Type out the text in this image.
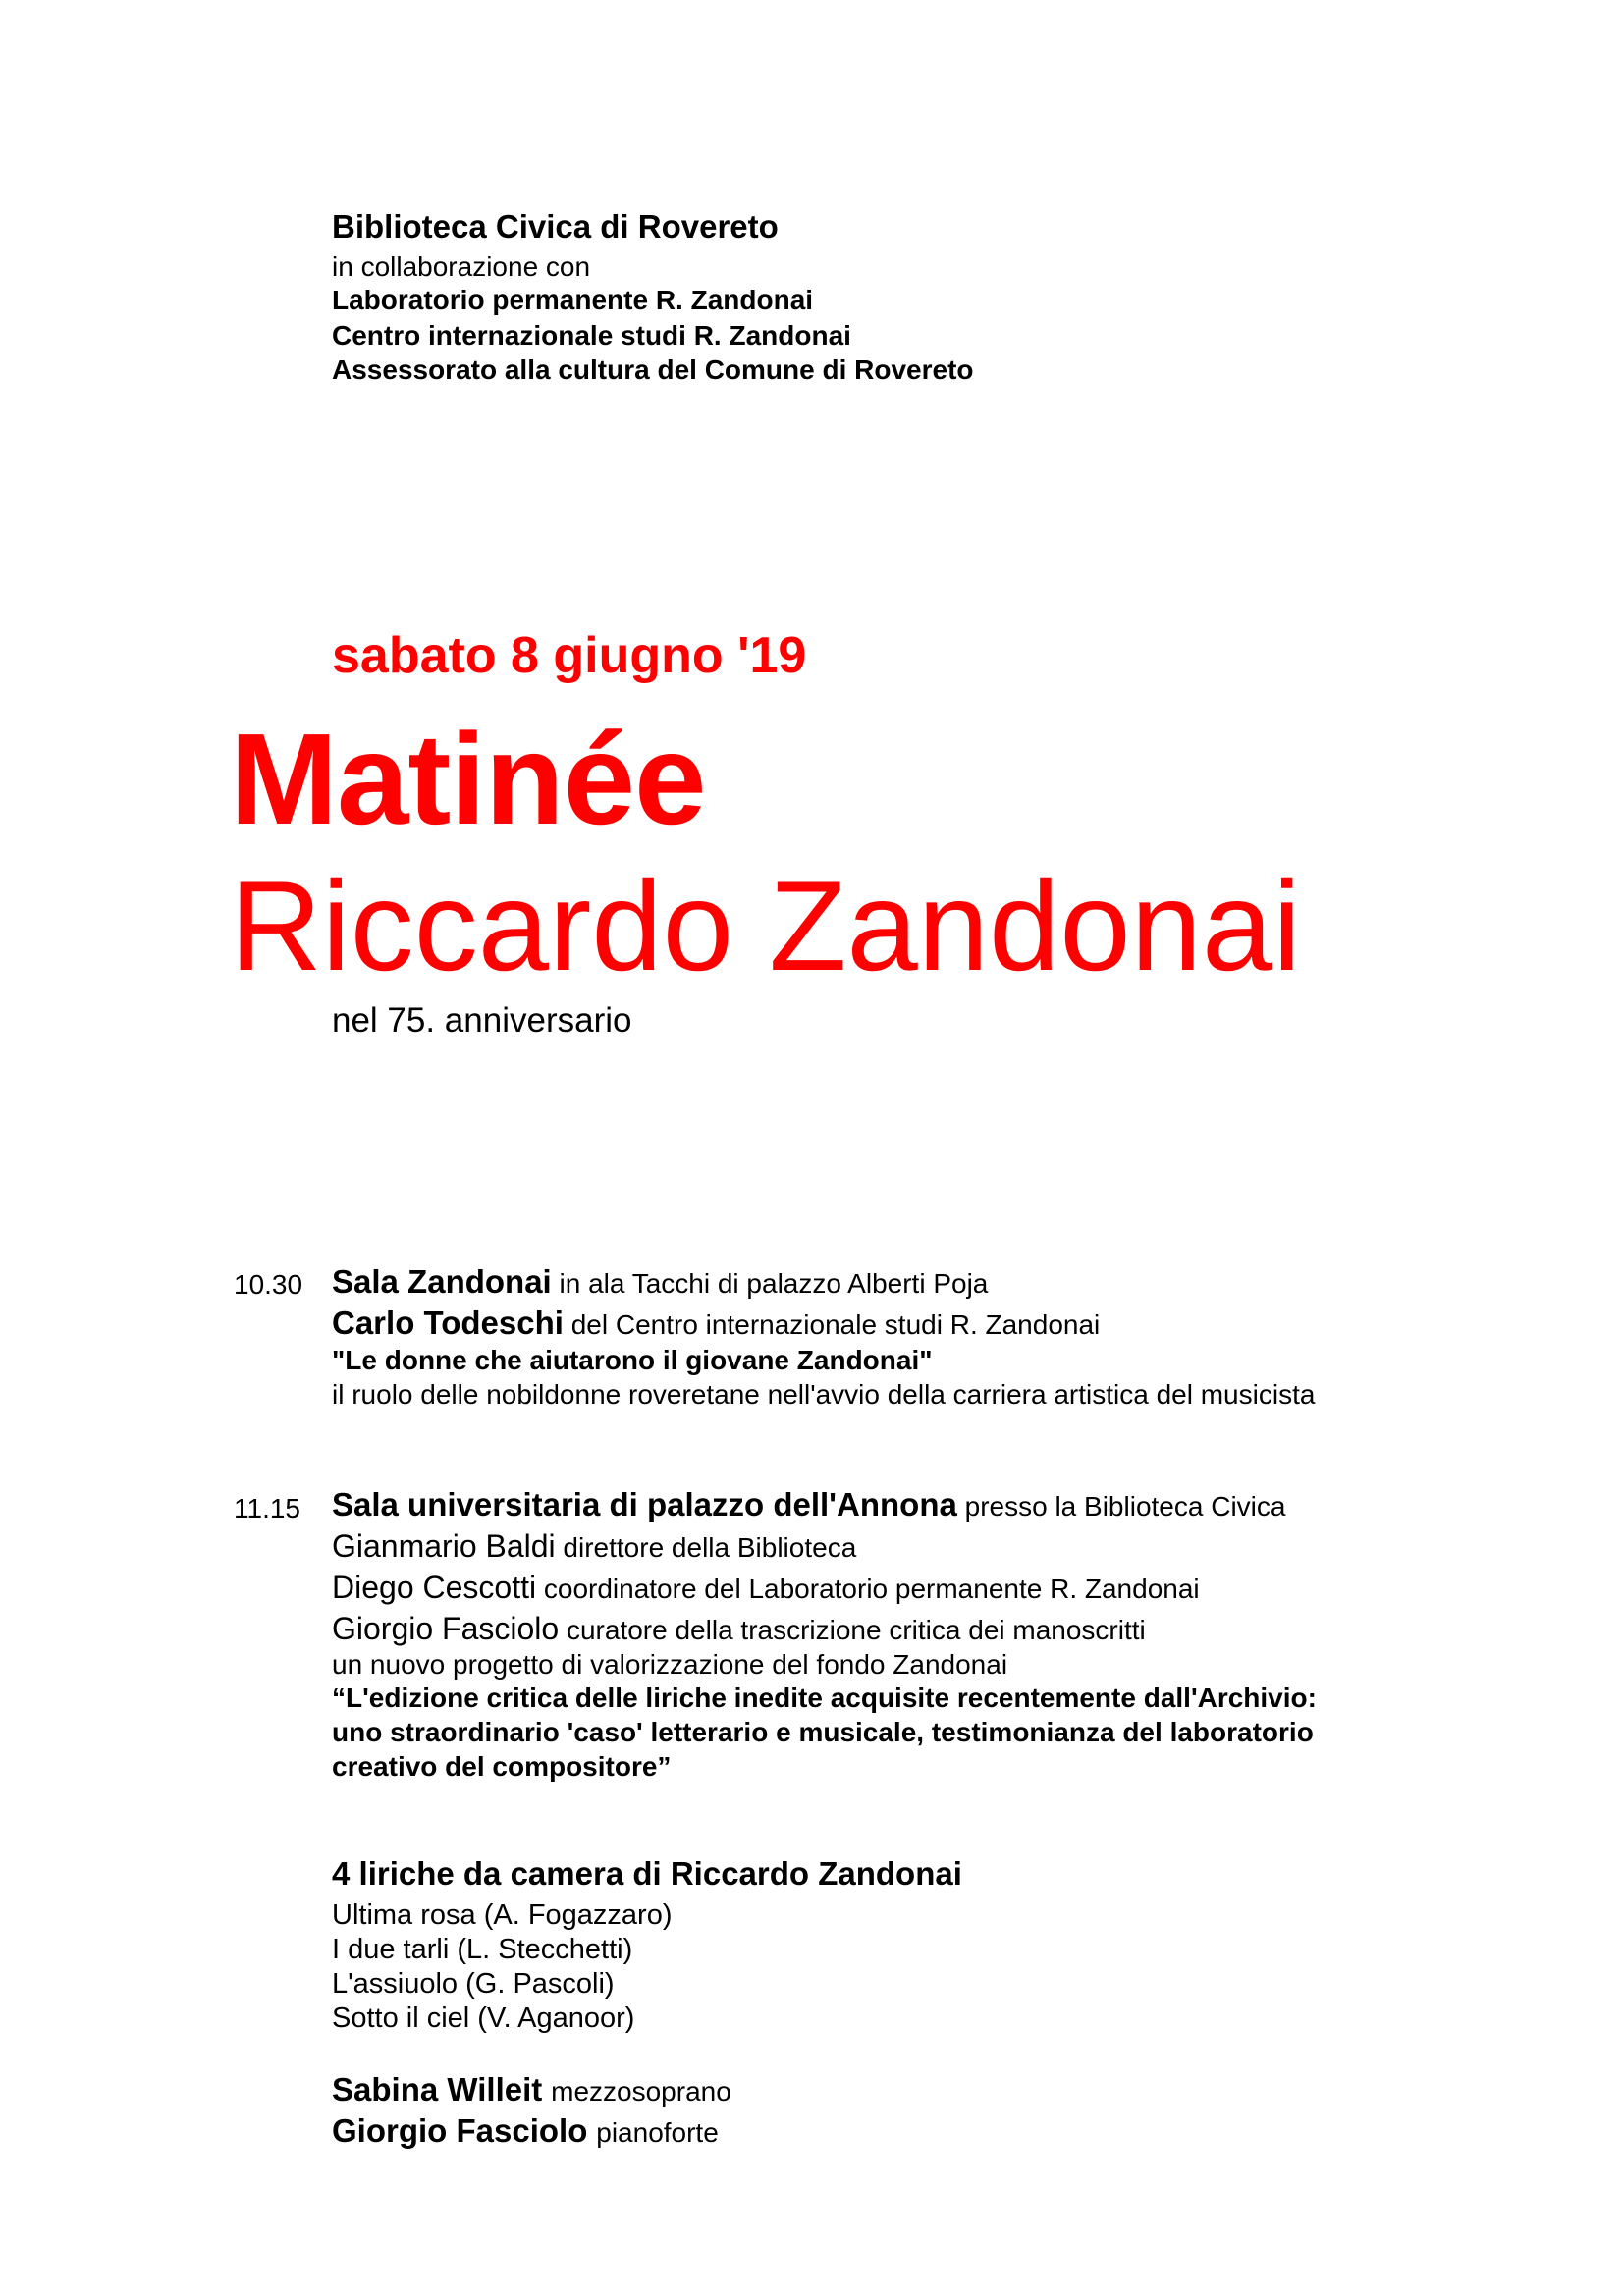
Biblioteca Civica di Rovereto
in collaborazione con
Laboratorio permanente R. Zandonai
Centro internazionale studi R. Zandonai
Assessorato alla cultura del Comune di Rovereto
sabato 8 giugno '19
Matinée
Riccardo Zandonai
nel 75. anniversario
10.30 Sala Zandonai in ala Tacchi di palazzo Alberti Poja
Carlo Todeschi del Centro internazionale studi R. Zandonai
"Le donne che aiutarono il giovane Zandonai"
il ruolo delle nobildonne roveretane nell'avvio della carriera artistica del musicista
11.15 Sala universitaria di palazzo dell'Annona presso la Biblioteca Civica
Gianmario Baldi direttore della Biblioteca
Diego Cescotti coordinatore del Laboratorio permanente R. Zandonai
Giorgio Fasciolo curatore della trascrizione critica dei manoscritti
un nuovo progetto di valorizzazione del fondo Zandonai
“L'edizione critica delle liriche inedite acquisite recentemente dall'Archivio:
uno straordinario 'caso' letterario e musicale, testimonianza del laboratorio
creativo del compositore”
4 liriche da camera di Riccardo Zandonai
Ultima rosa (A. Fogazzaro)
I due tarli (L. Stecchetti)
L'assiuolo (G. Pascoli)
Sotto il ciel (V. Aganoor)
Sabina Willeit mezzosoprano
Giorgio Fasciolo pianoforte
